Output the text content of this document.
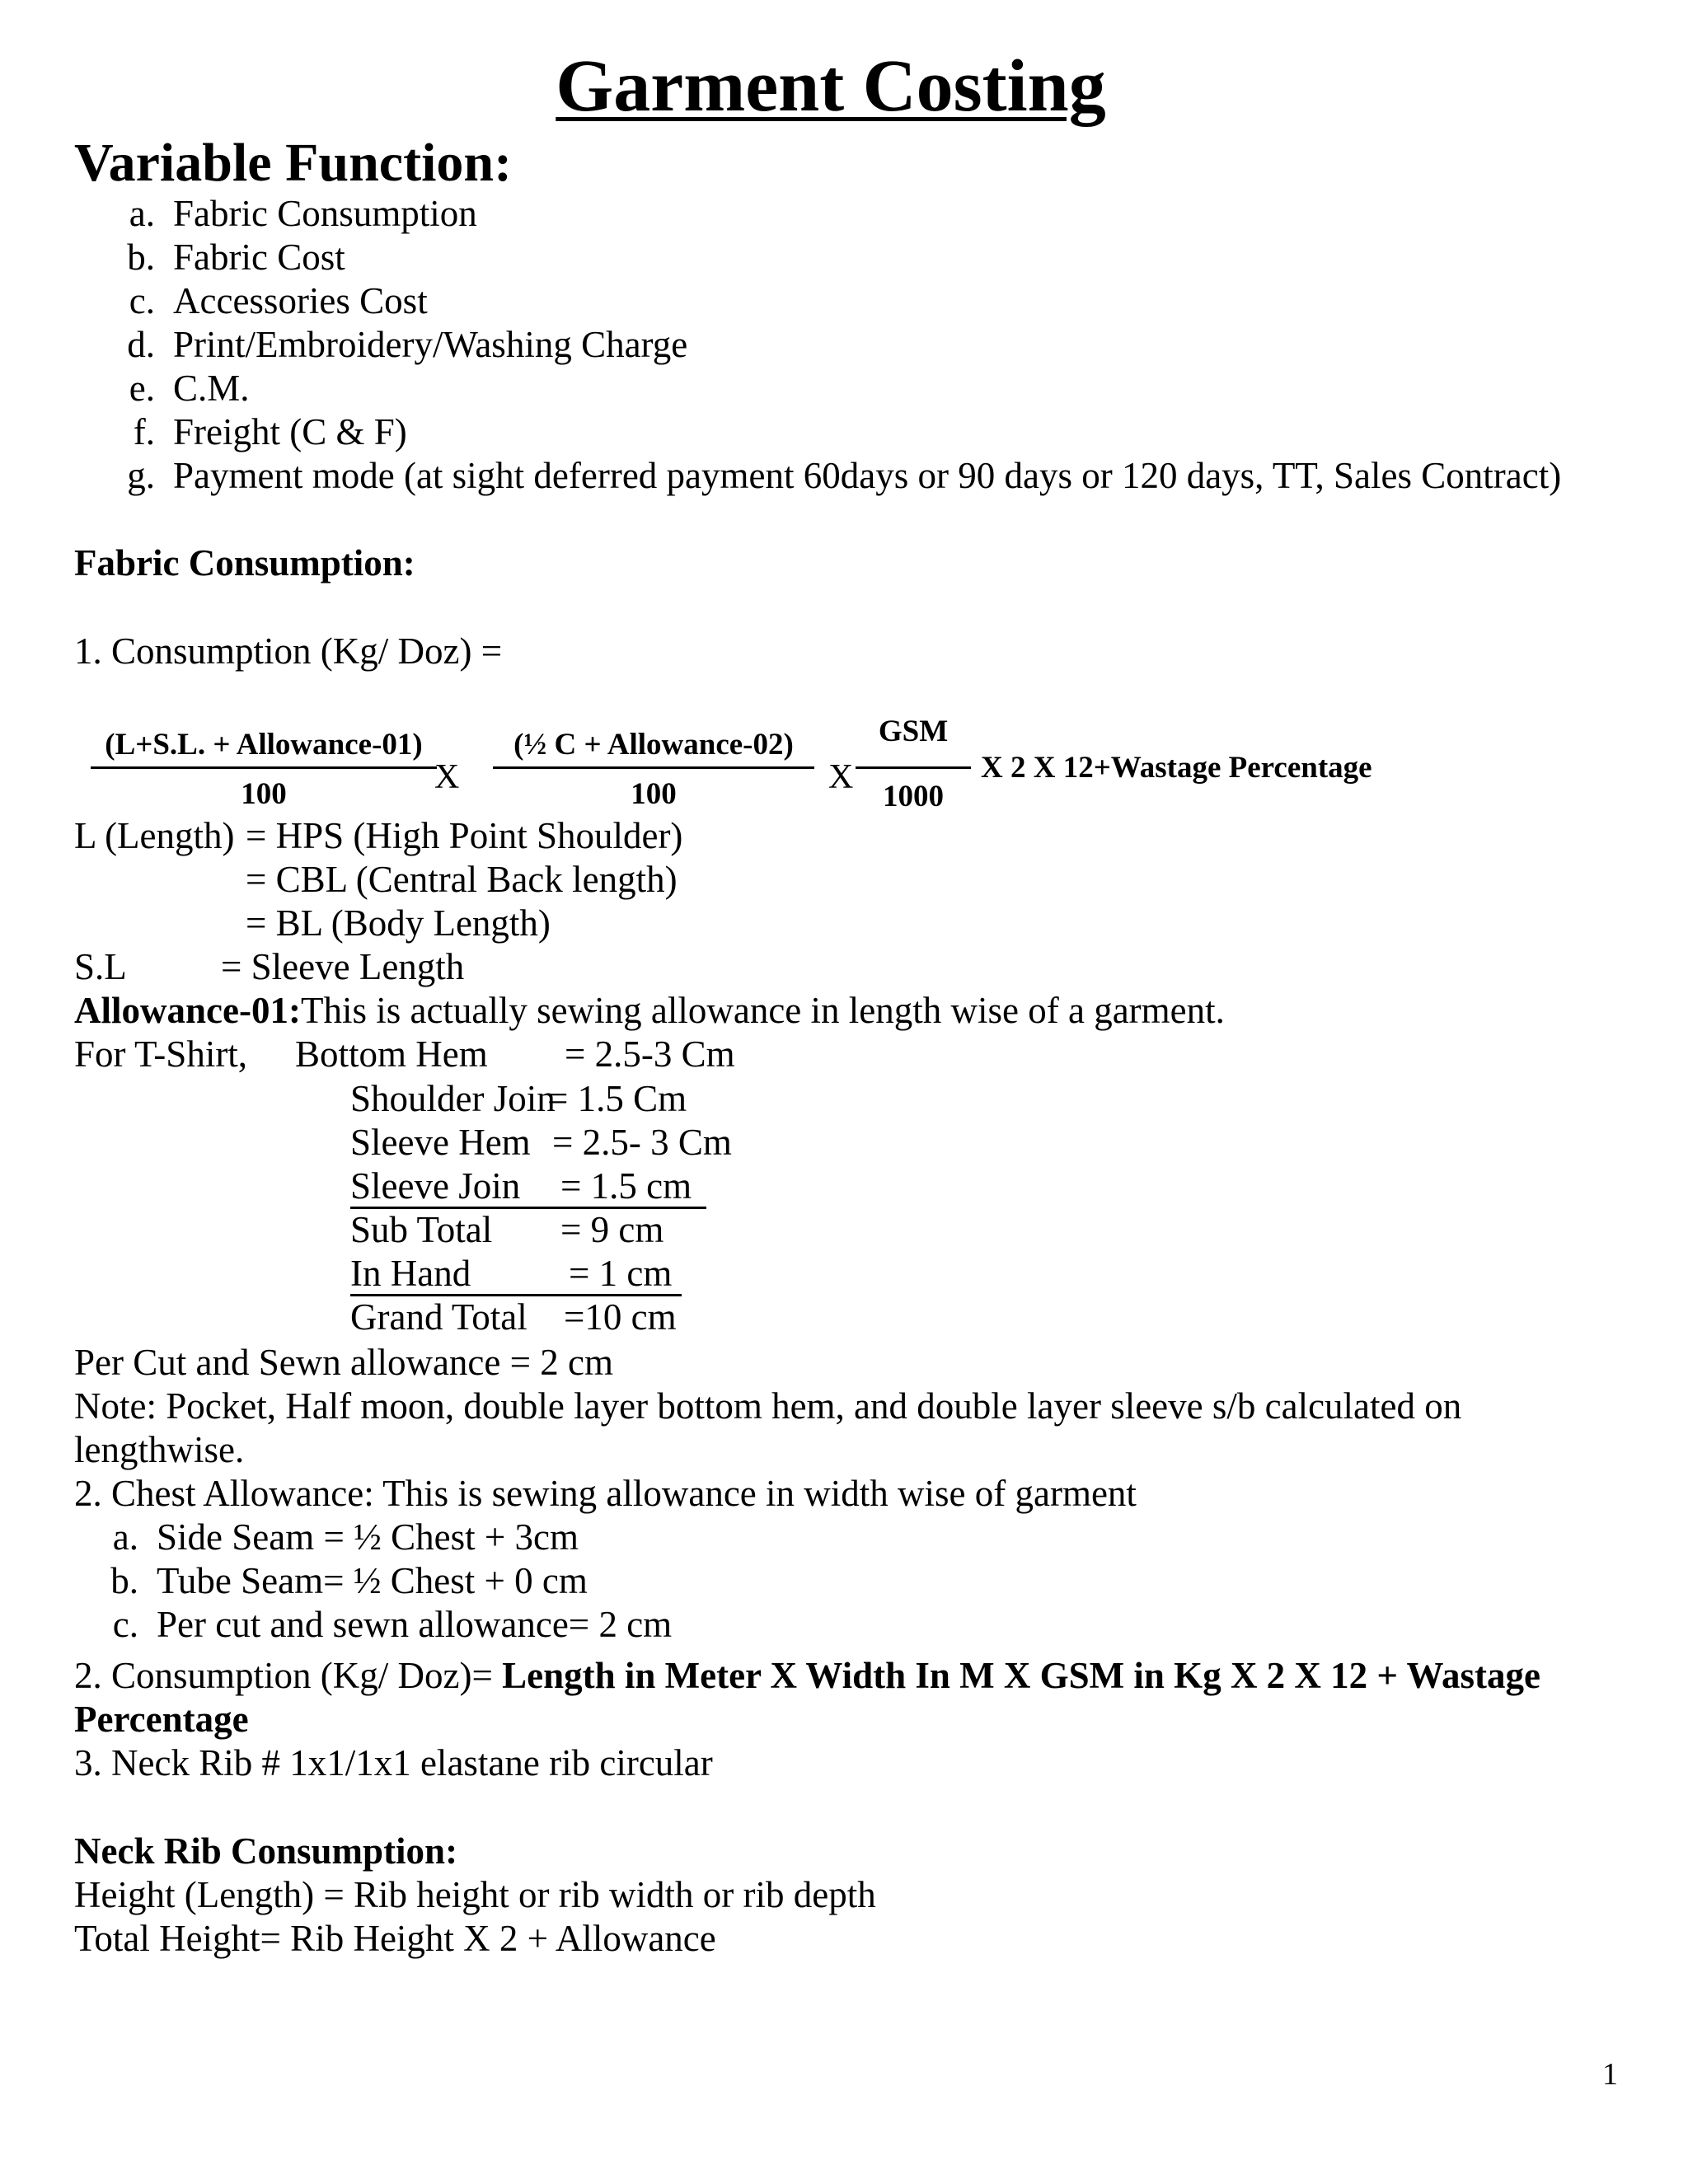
Garment Costing
Variable Function:
a. Fabric Consumption
b. Fabric Cost
c. Accessories Cost
d. Print/Embroidery/Washing Charge
e. C.M.
f. Freight (C & F)
g. Payment mode (at sight deferred payment 60days or 90 days or 120 days, TT, Sales Contract)
Fabric Consumption:
1. Consumption (Kg/ Doz) =
(L+S.L. + Allowance-01)
100	X
(½ C + Allowance-02)
100	X
GSM
1000
X 2 X 12+Wastage Percentage
L (Length) = HPS (High Point Shoulder)
= CBL (Central Back length)
= BL (Body Length)
S.L	= Sleeve Length
Allowance-01:This is actually sewing allowance in length wise of a garment.
For T-Shirt, Bottom Hem = 2.5-3 Cm
Shoulder Join
= 1.5 Cm
Sleeve Hem = 2.5- 3 Cm
Sleeve Join = 1.5 cm
Sub Total = 9 cm
In Hand	= 1 cm
Grand Total =10 cm
Per Cut and Sewn allowance = 2 cm
Note: Pocket, Half moon, double layer bottom hem, and double layer sleeve s/b calculated on
lengthwise.
2. Chest Allowance: This is sewing allowance in width wise of garment
a. Side Seam = ½ Chest + 3cm
b. Tube Seam= ½ Chest + 0 cm
c. Per cut and sewn allowance= 2 cm
2. Consumption (Kg/ Doz)= Length in Meter X Width In M X GSM in Kg X 2 X 12 + Wastage
Percentage
3. Neck Rib # 1x1/1x1 elastane rib circular
Neck Rib Consumption:
Height (Length) = Rib height or rib width or rib depth
Total Height= Rib Height X 2 + Allowance
1
